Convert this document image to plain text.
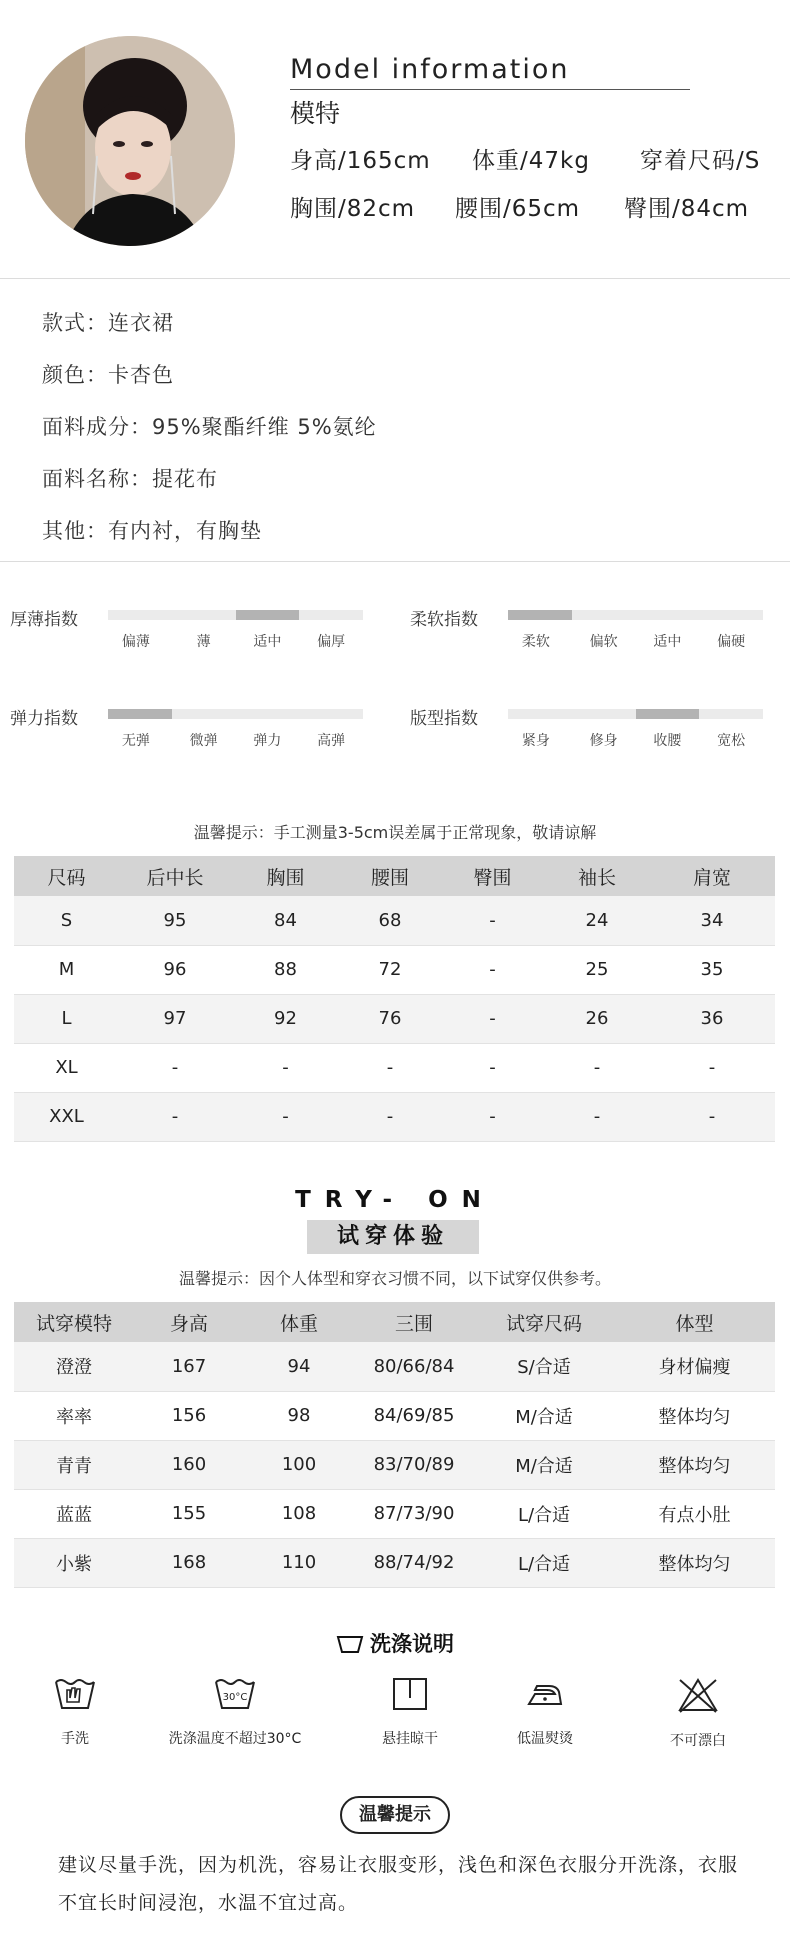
Model information
模特
身高/165cm 体重/47kg 穿着尺码/S
胸围/82cm 腰围/65cm 臀围/84cm
款式：连衣裙
颜色：卡杏色
面料成分：95%聚酯纤维 5%氨纶
面料名称：提花布
其他：有内衬，有胸垫
厚薄指数
偏薄	薄	适中	偏厚
柔软指数
柔软	偏软	适中	偏硬
弹力指数
无弹	微弹	弹力	高弹
版型指数
紧身	修身	收腰	宽松
温馨提示：手工测量3-5cm误差属于正常现象，敬请谅解
尺码	后中长	胸围	腰围	臀围	袖长	肩宽
S	95	84	68	-	24	34
M	96	88	72	-	25	35
L	97	92	76	-	26	36
XL	-	-	-	-	-	-
XXL	-	-	-	-	-	-
TRY- ON
试穿体验
温馨提示：因个人体型和穿衣习惯不同，以下试穿仅供参考。
试穿模特	身高	体重	三围	试穿尺码	体型
澄澄	167	94	80/66/84	S/合适	身材偏瘦
率率	156	98	84/69/85	M/合适	整体均匀
青青	160	100	83/70/89	M/合适	整体均匀
蓝蓝	155	108	87/73/90	L/合适	有点小肚
小紫	168	110	88/74/92	L/合适	整体均匀
洗涤说明
手洗
30°C
洗涤温度不超过30°C	悬挂晾干	低温熨烫	不可漂白
温馨提示
建议尽量手洗，因为机洗，容易让衣服变形，浅色和深色衣服分开洗涤，衣服不宜长时间浸泡，水温不宜过高。
